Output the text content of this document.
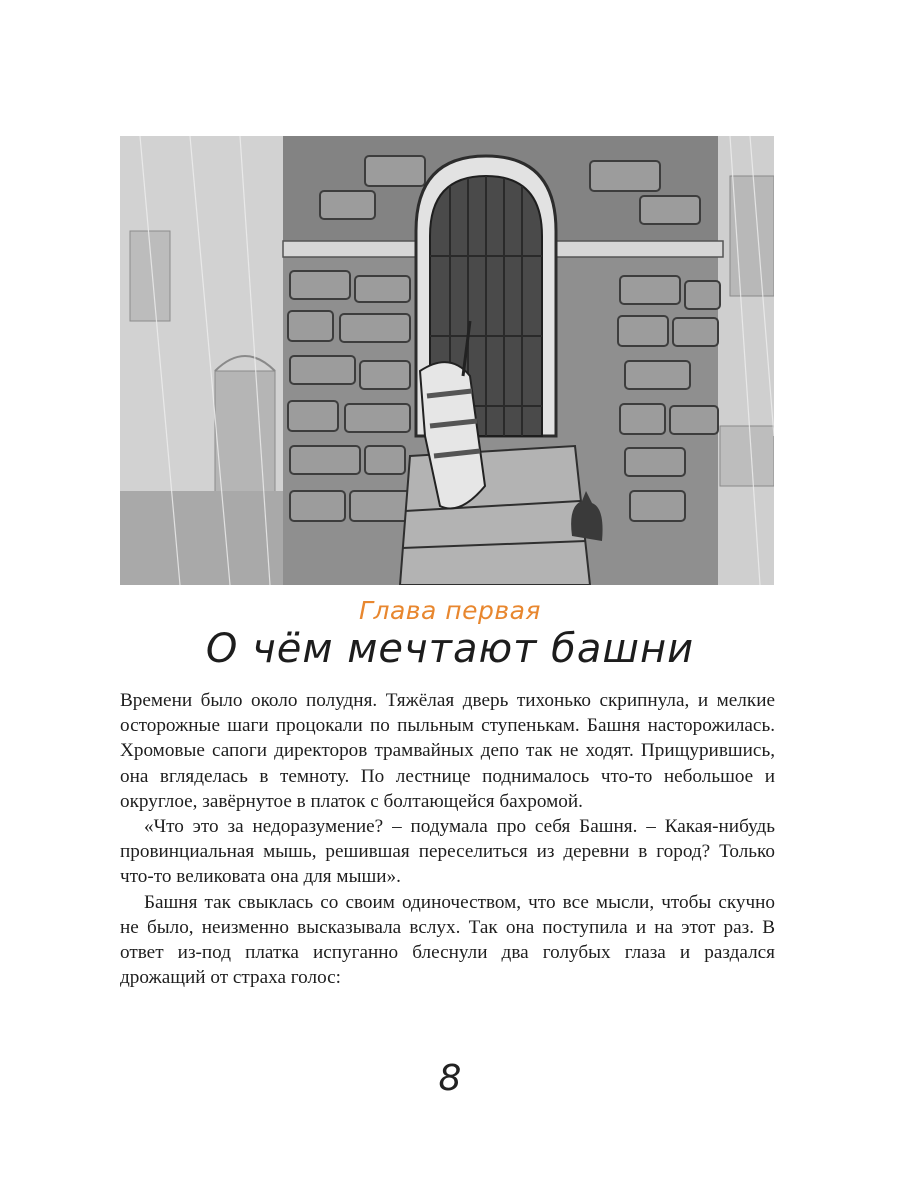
Глава первая
О чём мечтают башни

Времени было около полудня. Тяжёлая дверь тихонько скрипнула, и мелкие осторожные шаги процокали по пыльным ступенькам. Башня насторожилась. Хромовые сапоги директоров трамвайных депо так не ходят. Прищурившись, она вгляделась в темноту. По лестнице поднималось что-то небольшое и округлое, завёрнутое в платок с болтающейся бахромой.

«Что это за недоразумение? – подумала про себя Башня. – Какая-нибудь провинциальная мышь, решившая переселиться из деревни в город? Только что-то великовата она для мыши».

Башня так свыклась со своим одиночеством, что все мысли, чтобы скучно не было, неизменно высказывала вслух. Так она поступила и на этот раз. В ответ из-под платка испуганно блеснули два голубых глаза и раздался дрожащий от страха голос:

8
